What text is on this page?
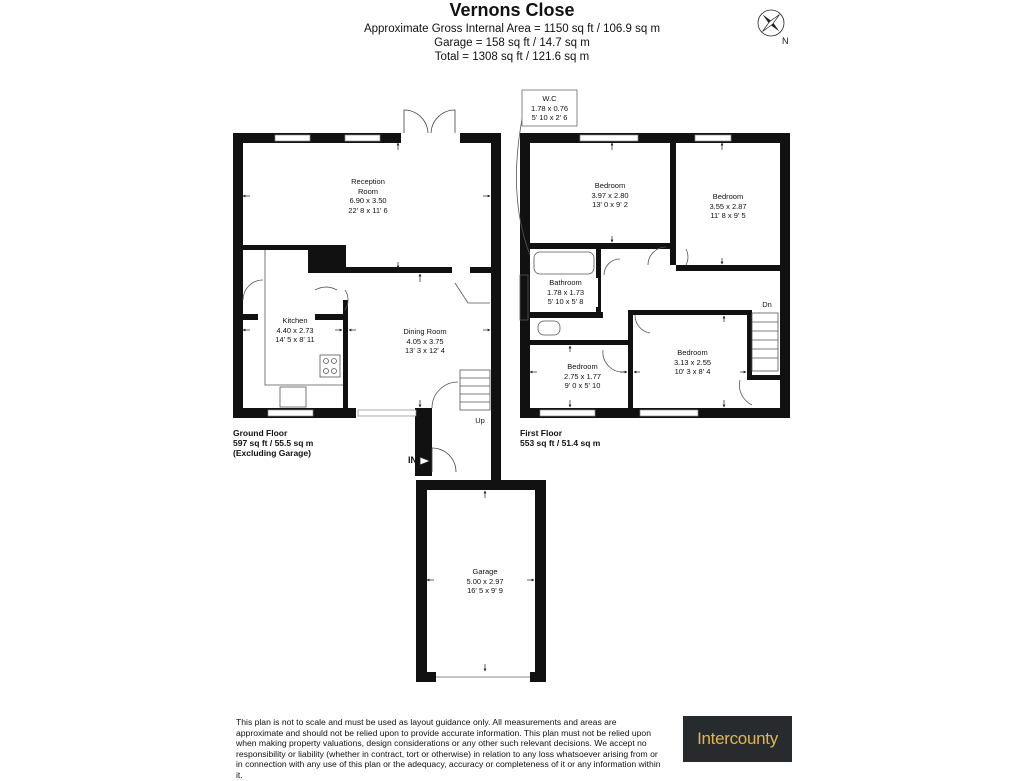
Vernons Close
Approximate Gross Internal Area = 1150 sq ft / 106.9 sq m
Garage = 158 sq ft / 14.7 sq m
Total = 1308 sq ft / 121.6 sq m
N
Reception
Room
6.90 x 3.50
22' 8 x 11' 6
Kitchen
4.40 x 2.73
14' 5 x 8' 11
Dining Room
4.05 x 3.75
13' 3 x 12' 4
Up
IN
Garage
5.00 x 2.97
16' 5 x 9' 9
Ground Floor
597 sq ft / 55.5 sq m
(Excluding Garage)
W.C
1.78 x 0.76
5' 10 x 2' 6
Bedroom
3.97 x 2.80
13' 0 x 9' 2
Bedroom
3.55 x 2.87
11' 8 x 9' 5
Bathroom
1.78 x 1.73
5' 10 x 5' 8
Bedroom
2.75 x 1.77
9' 0 x 5' 10
Bedroom
3.13 x 2.55
10' 3 x 8' 4
Dn
First Floor
553 sq ft / 51.4 sq m
This plan is not to scale and must be used as layout guidance only. All measurements and areas are approximate and should not be relied upon to provide accurate information. This plan must not be relied upon when making property valuations, design considerations or any other such relevant decisions. We accept no responsibility or liability (whether in contract, tort or otherwise) in relation to any loss whatsoever arising from or in connection with any use of this plan or the adequacy, accuracy or completeness of it or any information within it.
Intercounty
